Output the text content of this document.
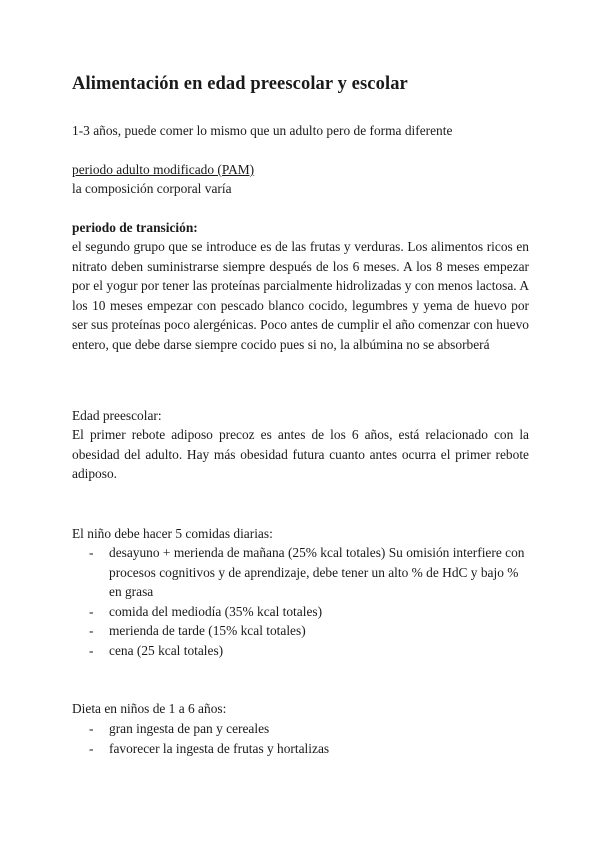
Alimentación en edad preescolar y escolar

1-3 años, puede comer lo mismo que un adulto pero de forma diferente

periodo adulto modificado (PAM)

la composición corporal varía

periodo de transición:

el segundo grupo que se introduce es de las frutas y verduras. Los alimentos ricos en nitrato deben suministrarse siempre después de los 6 meses. A los 8 meses empezar por el yogur por tener las proteínas parcialmente hidrolizadas y con menos lactosa. A los 10 meses empezar con pescado blanco cocido, legumbres y yema de huevo por ser sus proteínas poco alergénicas. Poco antes de cumplir el año comenzar con huevo entero, que debe darse siempre cocido pues si no, la albúmina no se absorberá

Edad preescolar:

El primer rebote adiposo precoz es antes de los 6 años, está relacionado con la obesidad del adulto. Hay más obesidad futura cuanto antes ocurra el primer rebote adiposo.

El niño debe hacer 5 comidas diarias:

- desayuno + merienda de mañana (25% kcal totales) Su omisión interfiere con procesos cognitivos y de aprendizaje, debe tener un alto % de HdC y bajo % en grasa
- comida del mediodía (35% kcal totales)
- merienda de tarde (15% kcal totales)
- cena (25 kcal totales)

Dieta en niños de 1 a 6 años:

- gran ingesta de pan y cereales
- favorecer la ingesta de frutas y hortalizas
